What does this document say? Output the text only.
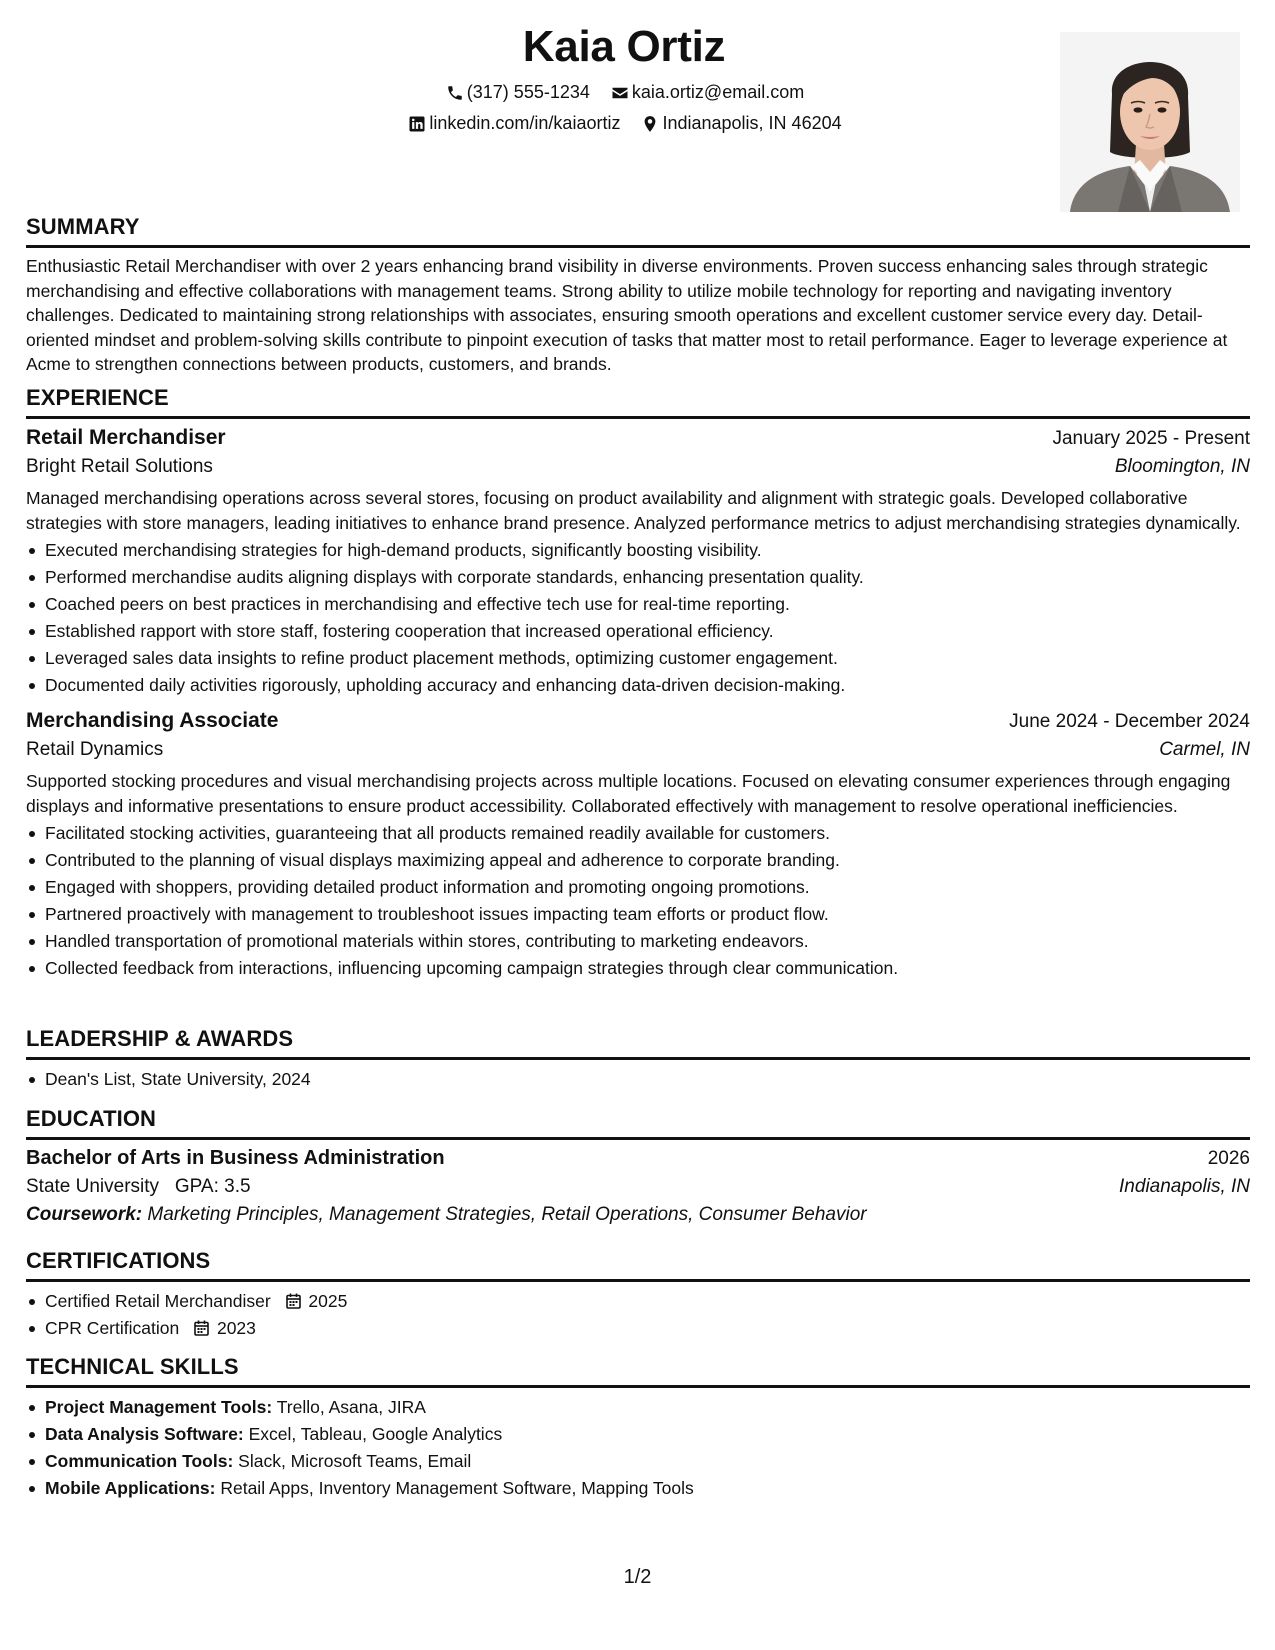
Kaia Ortiz
(317) 555-1234
kaia.ortiz@email.com
linkedin.com/in/kaiaortiz
Indianapolis, IN 46204
SUMMARY
Enthusiastic Retail Merchandiser with over 2 years enhancing brand visibility in diverse environments. Proven success enhancing sales through strategic merchandising and effective collaborations with management teams. Strong ability to utilize mobile technology for reporting and navigating inventory challenges. Dedicated to maintaining strong relationships with associates, ensuring smooth operations and excellent customer service every day. Detail-oriented mindset and problem-solving skills contribute to pinpoint execution of tasks that matter most to retail performance. Eager to leverage experience at Acme to strengthen connections between products, customers, and brands.
EXPERIENCE
Retail Merchandiser	January 2025 - Present
Bright Retail Solutions	Bloomington, IN
Managed merchandising operations across several stores, focusing on product availability and alignment with strategic goals. Developed collaborative strategies with store managers, leading initiatives to enhance brand presence. Analyzed performance metrics to adjust merchandising strategies dynamically.
Executed merchandising strategies for high-demand products, significantly boosting visibility.
Performed merchandise audits aligning displays with corporate standards, enhancing presentation quality.
Coached peers on best practices in merchandising and effective tech use for real-time reporting.
Established rapport with store staff, fostering cooperation that increased operational efficiency.
Leveraged sales data insights to refine product placement methods, optimizing customer engagement.
Documented daily activities rigorously, upholding accuracy and enhancing data-driven decision-making.
Merchandising Associate	June 2024 - December 2024
Retail Dynamics	Carmel, IN
Supported stocking procedures and visual merchandising projects across multiple locations. Focused on elevating consumer experiences through engaging displays and informative presentations to ensure product accessibility. Collaborated effectively with management to resolve operational inefficiencies.
Facilitated stocking activities, guaranteeing that all products remained readily available for customers.
Contributed to the planning of visual displays maximizing appeal and adherence to corporate branding.
Engaged with shoppers, providing detailed product information and promoting ongoing promotions.
Partnered proactively with management to troubleshoot issues impacting team efforts or product flow.
Handled transportation of promotional materials within stores, contributing to marketing endeavors.
Collected feedback from interactions, influencing upcoming campaign strategies through clear communication.
LEADERSHIP & AWARDS
Dean's List, State University, 2024
EDUCATION
Bachelor of Arts in Business Administration	2026
State University GPA: 3.5	Indianapolis, IN
Coursework: Marketing Principles, Management Strategies, Retail Operations, Consumer Behavior
CERTIFICATIONS
Certified Retail Merchandiser 2025
CPR Certification 2023
TECHNICAL SKILLS
Project Management Tools: Trello, Asana, JIRA
Data Analysis Software: Excel, Tableau, Google Analytics
Communication Tools: Slack, Microsoft Teams, Email
Mobile Applications: Retail Apps, Inventory Management Software, Mapping Tools
1/2
